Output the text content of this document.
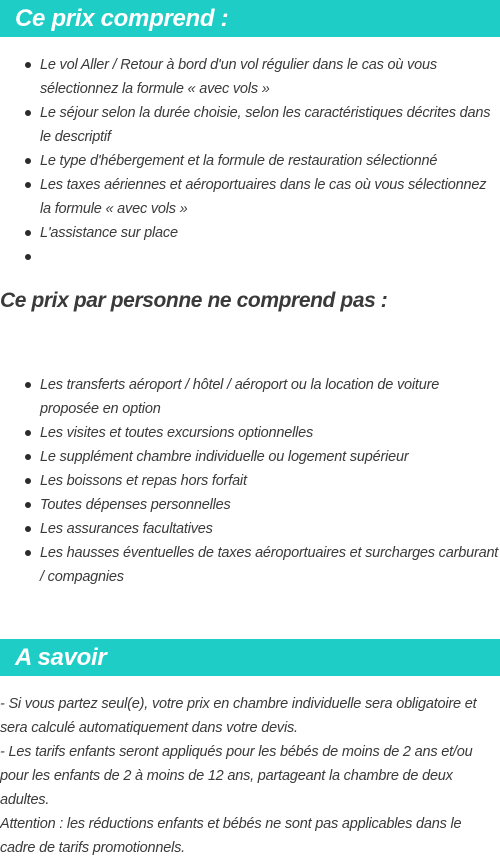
Ce prix comprend :
Le vol Aller / Retour à bord d'un vol régulier dans le cas où vous sélectionnez la formule « avec vols »
Le séjour selon la durée choisie, selon les caractéristiques décrites dans le descriptif
Le type d'hébergement et la formule de restauration sélectionné
Les taxes aériennes et aéroportuaires dans le cas où vous sélectionnez la formule « avec vols »
L'assistance sur place

Ce prix par personne ne comprend pas :
Les transferts aéroport / hôtel / aéroport ou la location de voiture proposée en option
Les visites et toutes excursions optionnelles
Le supplément chambre individuelle ou logement supérieur
Les boissons et repas hors forfait
Toutes dépenses personnelles
Les assurances facultatives
Les hausses éventuelles de taxes aéroportuaires et surcharges carburant / compagnies
A savoir

- Si vous partez seul(e), votre prix en chambre individuelle sera obligatoire et sera calculé automatiquement dans votre devis.

- Les tarifs enfants seront appliqués pour les bébés de moins de 2 ans et/ou pour les enfants de 2 à moins de 12 ans, partageant la chambre de deux adultes.

Attention : les réductions enfants et bébés ne sont pas applicables dans le cadre de tarifs promotionnels.
